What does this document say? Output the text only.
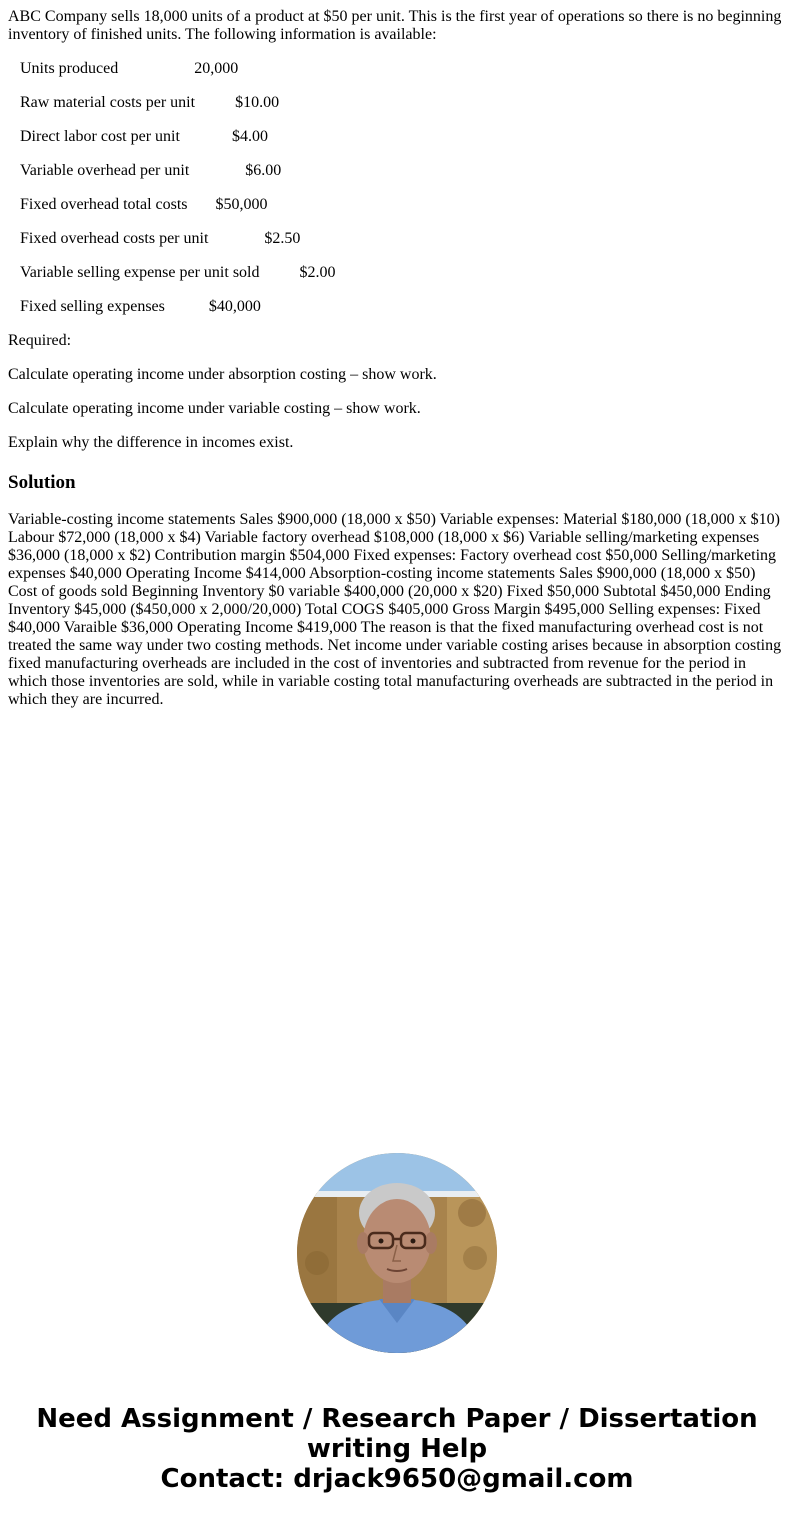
ABC Company sells 18,000 units of a product at $50 per unit. This is the first year of operations so there is no beginning inventory of finished units. The following information is available:

Units produced                   20,000
Raw material costs per unit          $10.00
Direct labor cost per unit             $4.00
Variable overhead per unit              $6.00
Fixed overhead total costs       $50,000
Fixed overhead costs per unit              $2.50
Variable selling expense per unit sold          $2.00
Fixed selling expenses           $40,000

Required:

Calculate operating income under absorption costing – show work.

Calculate operating income under variable costing – show work.

Explain why the difference in incomes exist.

Solution

Variable-costing income statements Sales $900,000 (18,000 x $50) Variable expenses: Material $180,000 (18,000 x $10) Labour $72,000 (18,000 x $4) Variable factory overhead $108,000 (18,000 x $6) Variable selling/marketing expenses $36,000 (18,000 x $2) Contribution margin $504,000 Fixed expenses: Factory overhead cost $50,000 Selling/marketing expenses $40,000 Operating Income $414,000 Absorption-costing income statements Sales $900,000 (18,000 x $50) Cost of goods sold Beginning Inventory $0 variable $400,000 (20,000 x $20) Fixed $50,000 Subtotal $450,000 Ending Inventory $45,000 ($450,000 x 2,000/20,000) Total COGS $405,000 Gross Margin $495,000 Selling expenses: Fixed $40,000 Varaible $36,000 Operating Income $419,000 The reason is that the fixed manufacturing overhead cost is not treated the same way under two costing methods. Net income under variable costing arises because in absorption costing fixed manufacturing overheads are included in the cost of inventories and subtracted from revenue for the period in which those inventories are sold, while in variable costing total manufacturing overheads are subtracted in the period in which they are incurred.

Need Assignment / Research Paper / Dissertation
writing Help
Contact: drjack9650@gmail.com
